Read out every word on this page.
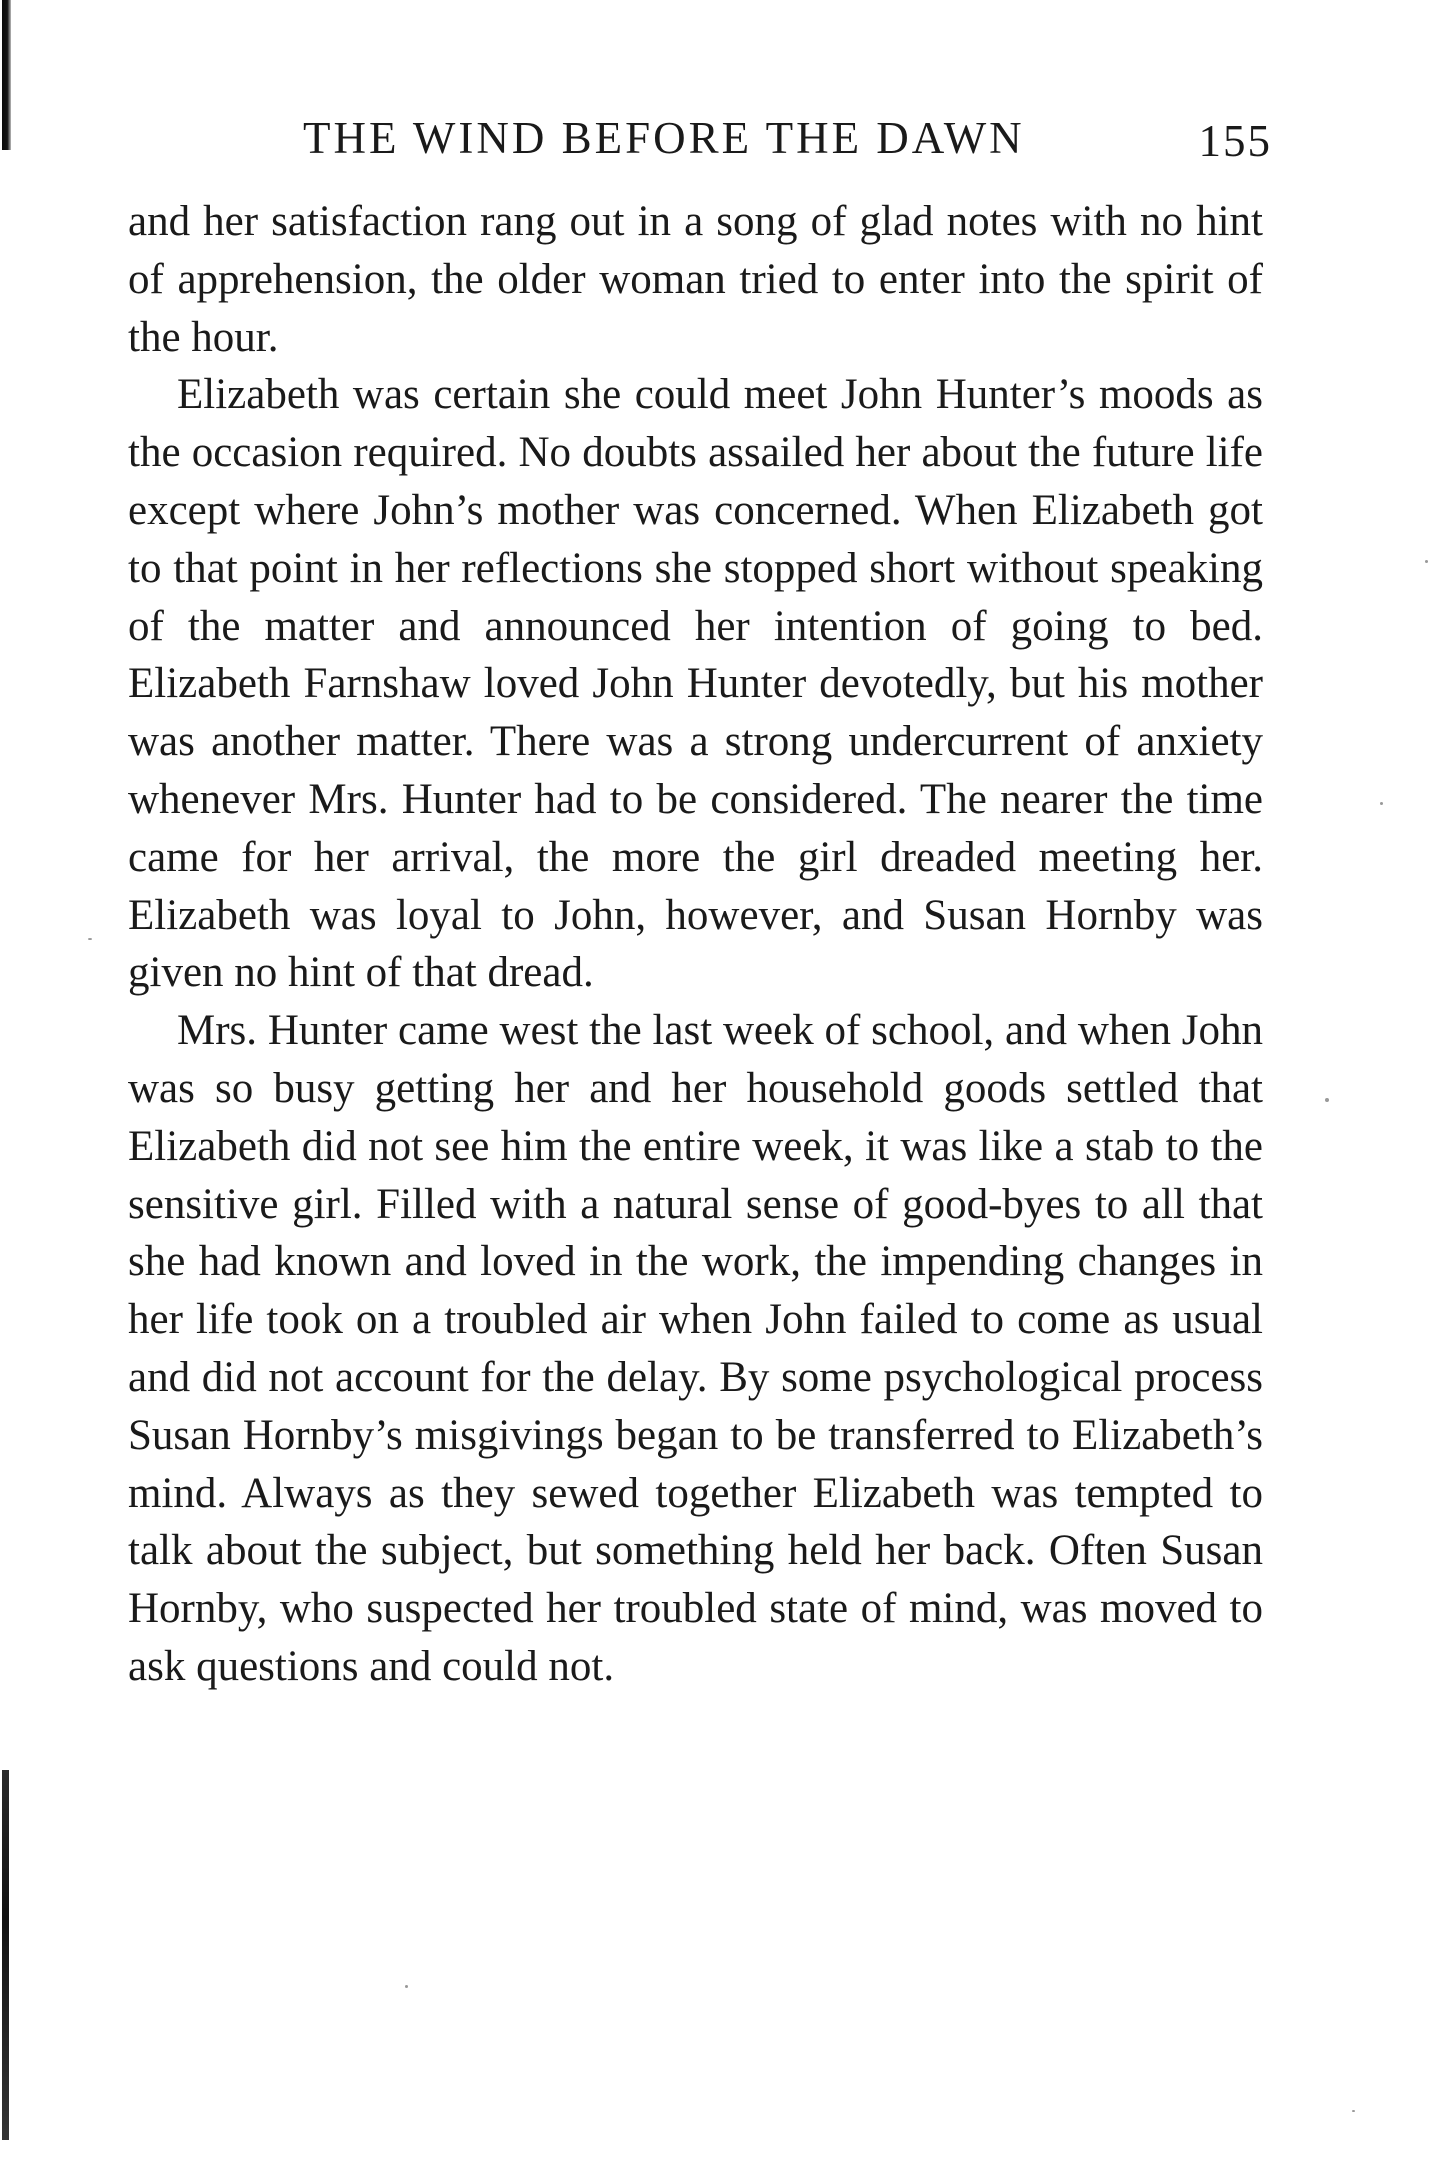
THE WIND BEFORE THE DAWN	155

and her satisfaction rang out in a song of glad notes with no hint of apprehension, the older woman tried to enter into the spirit of the hour.

Elizabeth was certain she could meet John Hunter’s moods as the occasion required. No doubts assailed her about the future life except where John’s mother was concerned. When Elizabeth got to that point in her reflections she stopped short without speaking of the matter and announced her intention of going to bed. Elizabeth Farnshaw loved John Hunter devotedly, but his mother was another matter. There was a strong undercurrent of anxiety whenever Mrs. Hunter had to be considered. The nearer the time came for her arrival, the more the girl dreaded meeting her. Elizabeth was loyal to John, however, and Susan Hornby was given no hint of that dread.

Mrs. Hunter came west the last week of school, and when John was so busy getting her and her household goods settled that Elizabeth did not see him the entire week, it was like a stab to the sensitive girl. Filled with a natural sense of good-byes to all that she had known and loved in the work, the impending changes in her life took on a troubled air when John failed to come as usual and did not account for the delay. By some psychological process Susan Hornby’s misgivings began to be transferred to Elizabeth’s mind. Always as they sewed together Elizabeth was tempted to talk about the subject, but something held her back. Often Susan Hornby, who suspected her troubled state of mind, was moved to ask questions and could not.
